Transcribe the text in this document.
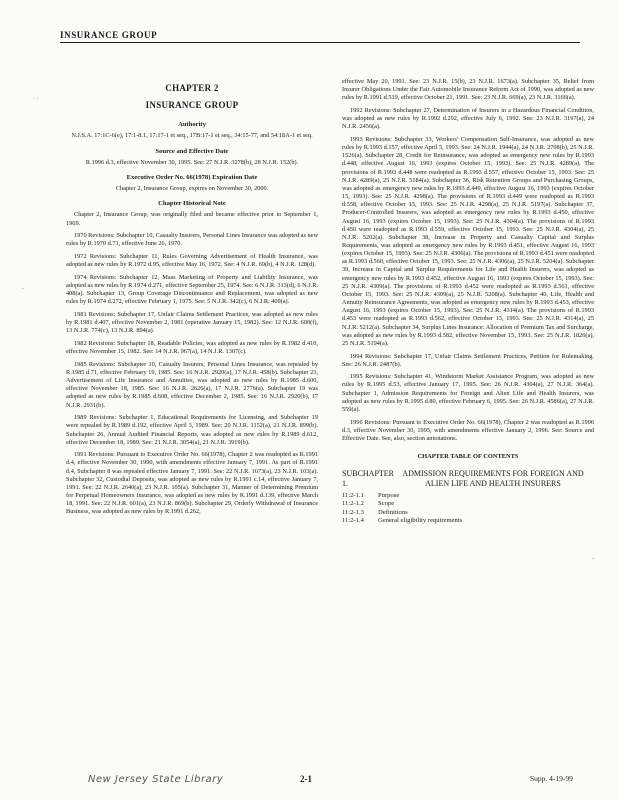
INSURANCE GROUP
· -
-
~
-
CHAPTER 2
INSURANCE GROUP
Authority

N.J.S.A. 17:1C-6(e), 17:1-8.1, 17:17-1 et seq., 17B:17-1 et seq., 34:15-77, and 54:18A-1 et seq.

Source and Effective Date

R.1996 d.3, effective November 30, 1995. See: 27 N.J.R. 3278(b), 28 N.J.R. 152(b).

Executive Order No. 66(1978) Expiration Date

Chapter 2, Insurance Group, expires on November 30, 2000.

Chapter Historical Note

Chapter 2, Insurance Group, was originally filed and became effective prior to September 1, 1969.

1970 Revisions: Subchapter 10, Casualty Insurers, Personal Lines Insurance was adopted as new rules by R.1970 d.71, effective June 26, 1970.

1972 Revisions: Subchapter 11, Rules Governing Advertisement of Health Insurance, was adopted as new rules by R.1972 d.95, effective May 16, 1972. See: 4 N.J.R. 69(b), 4 N.J.R. 128(d).

1974 Revisions: Subchapter 12, Mass Marketing of Property and Liability Insurance, was adopted as new rules by R.1974 d.271, effective September 25, 1974. See: 6 N.J.R. 313(d), 6 N.J.R. 408(a). Subchapter 13, Group Coverage Discontinuance and Replacement, was adopted as new rules by R.1974 d.272, effective February 1, 1975. See: 5 N.J.R. 342(c), 6 N.J.R. 409(a).

1981 Revisions: Subchapter 17, Unfair Claims Settlement Practices, was adopted as new rules by R.1981 d.407, effective November 2, 1981 (operative January 15, 1982). See: 12 N.J.R. 600(f), 13 N.J.R. 774(c), 13 N.J.R. 894(a).

1982 Revisions: Subchapter 18, Readable Policies, was adopted as new rules by R.1982 d.410, effective November 15, 1982. See: 14 N.J.R. 967(a), 14 N.J.R. 1307(c).

1985 Revisions: Subchapter 10, Casualty Insurers, Personal Lines Insurance, was repealed by R.1985 d.71, effective February 19, 1985. See: 16 N.J.R. 2920(a), 17 N.J.R. 458(b). Subchapter 23, Advertisement of Life Insurance and Annuities, was adopted as new rules by R.1985 d.600, effective November 18, 1985. See: 16 N.J.R. 2626(a), 17 N.J.R. 2776(a). Subchapter 19 was adopted as new rules by R.1985 d.608, effective December 2, 1985. See: 16 N.J.R. 2920(b), 17 N.J.R. 2931(b).

1989 Revisions: Subchapter 1, Educational Requirements for Licensing, and Subchapter 19 were repealed by R.1989 d.192, effective April 3, 1989. See: 20 N.J.R. 1152(a), 21 N.J.R. 899(b). Subchapter 26, Annual Audited Financial Reports, was adopted as new rules by R.1989 d.612, effective December 18, 1989. See: 21 N.J.R. 3054(a), 21 N.J.R. 3919(b).

1991 Revisions: Pursuant to Executive Order No. 66(1978), Chapter 2 was readopted as R.1991 d.4, effective November 30, 1990, with amendments effective January 7, 1991. As part of R.1991 d.4, Subchapter 8 was repealed effective January 7, 1991. See: 22 N.J.R. 1673(a), 23 N.J.R. 103(a). Subchapter 32, Custodial Deposits, was adopted as new rules by R.1991 c.14, effective January 7, 1991. See: 22 N.J.R. 2640(a), 23 N.J.R. 105(a). Subchapter 31, Manner of Determining Premium for Perpetual Homeowners Insurance, was adopted as new rules by R.1991 d.139, effective March 18, 1991. See: 22 N.J.R. 601(a), 23 N.J.R. 869(b). Subchapter 29, Orderly Withdrawal of Insurance Business, was adopted as new rules by R.1991 d.262,

effective May 20, 1991. See: 23 N.J.R. 15(b), 23 N.J.R. 1673(a). Subchapter 35, Relief from Insurer Obligations Under the Fair Automobile Insurance Reform Act of 1990, was adopted as new rules by R.1991 d.519, effective October 21, 1991. See: 23 N.J.R. 669(a), 23 N.J.R. 3166(a).

1992 Revisions: Subchapter 27, Determination of Insurers in a Hazardous Financial Condition, was adopted as new rules by R.1992 d.292, effective July 6, 1992. See: 23 N.J.R. 3197(a), 24 N.J.R. 2456(a).

1993 Revisions: Subchapter 33, Workers' Compensation Self-Insurance, was adopted as new rules by R.1993 d.157, effective April 5, 1993. See: 24 N.J.R. 1944(a), 24 N.J.R. 2708(b), 25 N.J.R. 1526(a). Subchapter 28, Credit for Reinsurance, was adopted as emergency new rules by R.1993 d.448, effective August 16, 1993 (expires October 15, 1993). See: 25 N.J.R. 4289(a). The provisions of R.1993 d.448 were readopted as R.1993 d.557, effective October 15, 1993. See: 25 N.J.R. 4289(a), 25 N.J.R. 5184(a). Subchapter 36, Risk Retention Groups and Purchasing Groups, was adopted as emergency new rules by R.1993 d.449, effective August 16, 1993 (expires October 15, 1993). See: 25 N.J.R. 4298(a). The provisions of R.1993 d.449 were readopted as R.1993 d.558, effective October 15, 1993. See: 25 N.J.R. 4298(a), 25 N.J.R. 5197(a). Subchapter 37, Producer-Controlled Insurers, was adopted as emergency new rules by R.1993 d.450, effective August 16, 1993 (expires October 15, 1993). See: 25 N.J.R. 4304(a). The provisions of R.1993 d.450 were readopted as R.1993 d.559, effective October 15, 1993. See: 25 N.J.R. 4304(a), 25 N.J.R. 5202(a). Subchapter 38, Increase in Property and Casualty Capital and Surplus Requirements, was adopted as emergency new rules by R.1993 d.451, effective August 16, 1993 (expires October 15, 1993). See: 25 N.J.R. 4306(a). The provisions of R.1993 d.451 were readopted as R.1993 d.560, effective October 15, 1993. See: 25 N.J.R. 4306(a), 25 N.J.R. 5204(a). Subchapter 39, Increase in Capital and Surplus Requirements for Life and Health Insurers, was adopted as emergency new rules by R.1993 d.452, effective August 16, 1993 (expires October 15, 1993). See: 25 N.J.R. 4309(a). The provisions of R.1993 d.452 were readopted as R.1993 d.561, effective October 15, 1993. See: 25 N.J.R. 4309(a), 25 N.J.R. 5208(a). Subchapter 40, Life, Health and Annuity Reinsurance Agreements, was adopted as emergency new rules by R.1993 d.453, effective August 16, 1993 (expires October 15, 1993). See: 25 N.J.R. 4314(a). The provisions of R.1993 d.453 were readopted as R.1993 d.562, effective October 15, 1993. See: 25 N.J.R. 4314(a), 25 N.J.R. 5212(a). Subchapter 34, Surplus Lines Insurance: Allocation of Premium Tax and Surcharge, was adopted as new rules by R.1993 d.582, effective November 15, 1993. See: 25 N.J.R. 1826(a), 25 N.J.R. 5194(a).

1994 Revisions: Subchapter 17, Unfair Claims Settlement Practices, Petition for Rulemaking. See: 26 N.J.R. 2487(b).

1995 Revisions: Subchapter 41, Windstorm Market Assistance Program, was adopted as new rules by R.1995 d.53, effective January 17, 1995. See: 26 N.J.R. 4304(a), 27 N.J.R. 364(a). Subchapter 1, Admission Requirements for Foreign and Alien Life and Health Insurers, was adopted as new rules by R.1995 d.80, effective February 6, 1995. See: 26 N.J.R. 4586(a), 27 N.J.R. 559(a).

1996 Revisions: Pursuant to Executive Order No. 66(1978), Chapter 2 was readopted as R.1996 d.3, effective November 30, 1995, with amendments effective January 2, 1996. See: Source and Effective Date. See, also, section annotations.

CHAPTER TABLE OF CONTENTS
SUBCHAPTER 1.ADMISSION REQUIREMENTS FOR FOREIGN AND ALIEN LIFE AND HEALTH INSURERS
11:2-1.1 Purpose
11:2-1.2 Scope
11:2-1.3 Definitions
11:2-1.4 General eligibility requirements
New Jersey State Library	2-1	Supp. 4-19-99
